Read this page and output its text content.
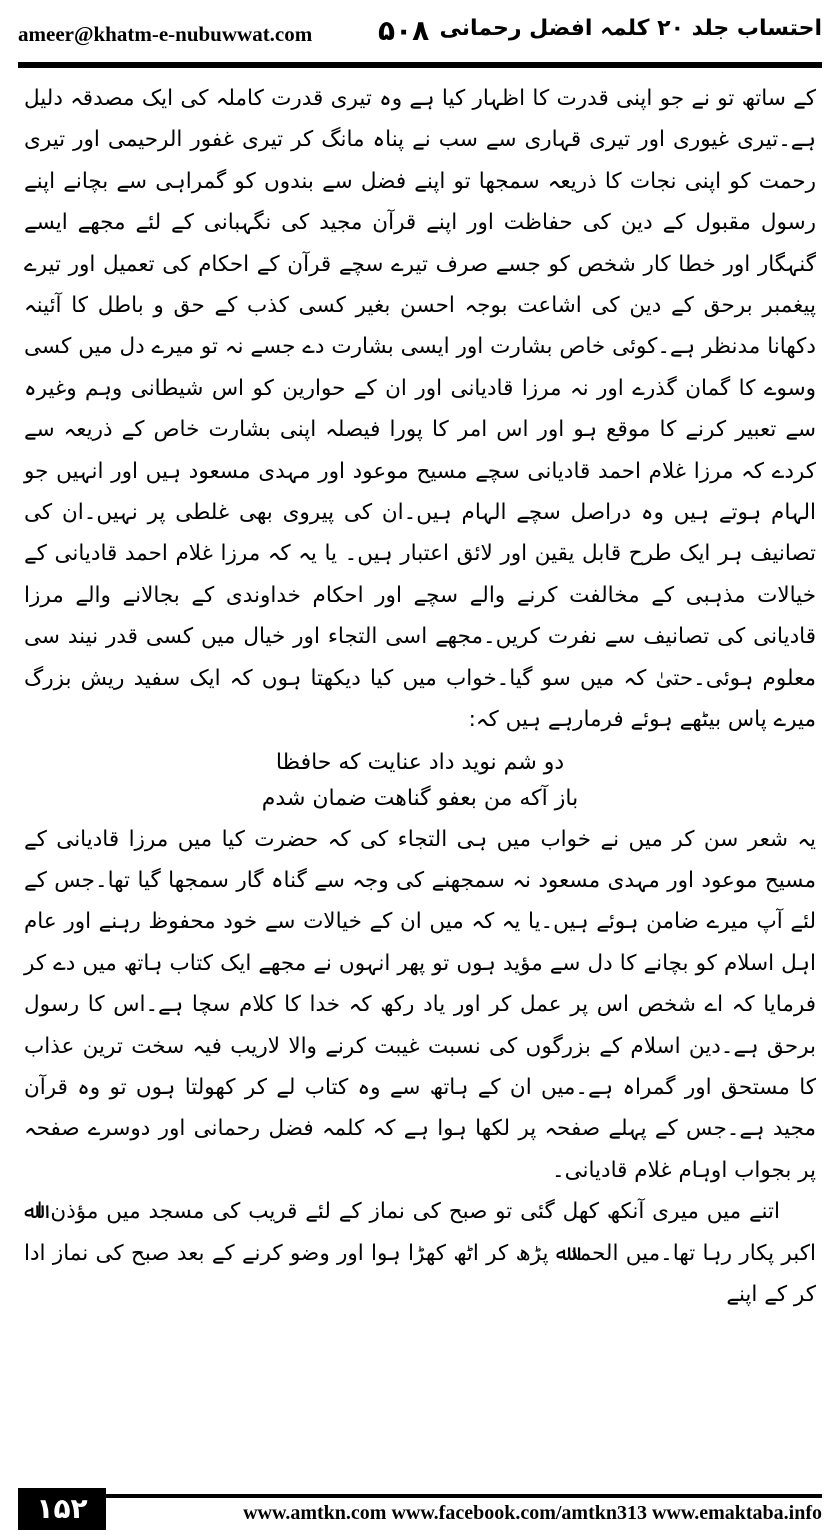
ameer@khatm-e-nubuwwat.com ۵۰۸ احتساب جلد ۲۰ کلمہ افضل رحمانی

کے ساتھ تو نے جو اپنی قدرت کا اظہار کیا ہے وہ تیری قدرت کاملہ کی ایک مصدقہ دلیل ہے۔تیری غیوری اور تیری قہاری سے سب نے پناہ مانگ کر تیری غفور الرحیمی اور تیری رحمت کو اپنی نجات کا ذریعہ سمجھا تو اپنے فضل سے بندوں کو گمراہی سے بچانے اپنے رسول مقبول کے دین کی حفاظت اور اپنے قرآن مجید کی نگہبانی کے لئے مجھے ایسے گنہگار اور خطا کار شخص کو جسے صرف تیرے سچے قرآن کے احکام کی تعمیل اور تیرے پیغمبر برحق کے دین کی اشاعت بوجہ احسن بغیر کسی کذب کے حق و باطل کا آئینہ دکھانا مدنظر ہے۔کوئی خاص بشارت اور ایسی بشارت دے جسے نہ تو میرے دل میں کسی وسوے کا گمان گذرے اور نہ مرزا قادیانی اور ان کے حوارین کو اس شیطانی وہم وغیرہ سے تعبیر کرنے کا موقع ہو اور اس امر کا پورا فیصلہ اپنی بشارت خاص کے ذریعہ سے کردے کہ مرزا غلام احمد قادیانی سچے مسیح موعود اور مہدی مسعود ہیں اور انہیں جو الہام ہوتے ہیں وہ دراصل سچے الہام ہیں۔ان کی پیروی بھی غلطی پر نہیں۔ان کی تصانیف ہر ایک طرح قابل یقین اور لائق اعتبار ہیں۔ یا یہ کہ مرزا غلام احمد قادیانی کے خیالات مذہبی کے مخالفت کرنے والے سچے اور احکام خداوندی کے بجالانے والے مرزا قادیانی کی تصانیف سے نفرت کریں۔مجھے اسی التجاء اور خیال میں کسی قدر نیند سی معلوم ہوئی۔حتیٰ کہ میں سو گیا۔خواب میں کیا دیکھتا ہوں کہ ایک سفید ریش بزرگ میرے پاس بیٹھے ہوئے فرمارہے ہیں کہ:

دو شم نوید داد عنایت که حافظا
باز آکه من بعفو گناهت ضمان شدم

یہ شعر سن کر میں نے خواب میں ہی التجاء کی کہ حضرت کیا میں مرزا قادیانی کے مسیح موعود اور مہدی مسعود نہ سمجھنے کی وجہ سے گناہ گار سمجھا گیا تھا۔جس کے لئے آپ میرے ضامن ہوئے ہیں۔یا یہ کہ میں ان کے خیالات سے خود محفوظ رہنے اور عام اہل اسلام کو بچانے کا دل سے مؤید ہوں تو پھر انہوں نے مجھے ایک کتاب ہاتھ میں دے کر فرمایا کہ اے شخص اس پر عمل کر اور یاد رکھ کہ خدا کا کلام سچا ہے۔اس کا رسول برحق ہے۔دین اسلام کے بزرگوں کی نسبت غیبت کرنے والا لاریب فیہ سخت ترین عذاب کا مستحق اور گمراہ ہے۔میں ان کے ہاتھ سے وہ کتاب لے کر کھولتا ہوں تو وہ قرآن مجید ہے۔جس کے پہلے صفحہ پر لکھا ہوا ہے کہ کلمہ فضل رحمانی اور دوسرے صفحہ پر بجواب اوہام غلام قادیانی۔

اتنے میں میری آنکھ کھل گئی تو صبح کی نماز کے لئے قریب کی مسجد میں مؤذن اﷲ اکبر پکار رہا تھا۔میں الحمدﷲ پڑھ کر اٹھ کھڑا ہوا اور وضو کرنے کے بعد صبح کی نماز ادا کر کے اپنے

۱۵۲	www.amtkn.com www.facebook.com/amtkn313 www.emaktaba.info
